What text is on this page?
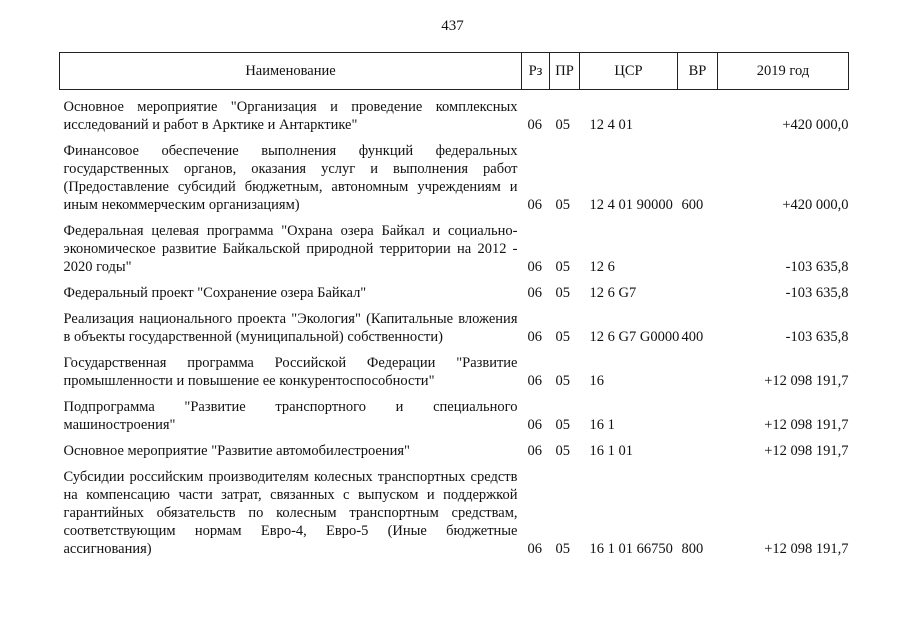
437
Наименование	Рз	ПР	ЦСР	ВР	2019 год

Основное мероприятие "Организация и проведение комплексных исследований и работ в Арктике и Антарктике"	06	05	12 4 01		+420 000,0

Финансовое обеспечение выполнения функций федеральных государственных органов, оказания услуг и выполнения работ (Предоставление субсидий бюджетным, автономным учреждениям и иным некоммерческим организациям)	06	05	12 4 01 90000	600	+420 000,0

Федеральная целевая программа "Охрана озера Байкал и социально-экономическое развитие Байкальской природной территории на 2012 - 2020 годы"	06	05	12 6		-103 635,8

Федеральный проект "Сохранение озера Байкал"	06	05	12 6 G7		-103 635,8

Реализация национального проекта "Экология" (Капитальные вложения в объекты государственной (муниципальной) собственности)	06	05	12 6 G7 G0000	400	-103 635,8

Государственная программа Российской Федерации "Развитие промышленности и повышение ее конкурентоспособности"	06	05	16		+12 098 191,7

Подпрограмма "Развитие транспортного и специального машиностроения"	06	05	16 1		+12 098 191,7

Основное мероприятие "Развитие автомобилестроения"	06	05	16 1 01		+12 098 191,7

Субсидии российским производителям колесных транспортных средств на компенсацию части затрат, связанных с выпуском и поддержкой гарантийных обязательств по колесным транспортным средствам, соответствующим нормам Евро-4, Евро-5 (Иные бюджетные ассигнования)	06	05	16 1 01 66750	800	+12 098 191,7
